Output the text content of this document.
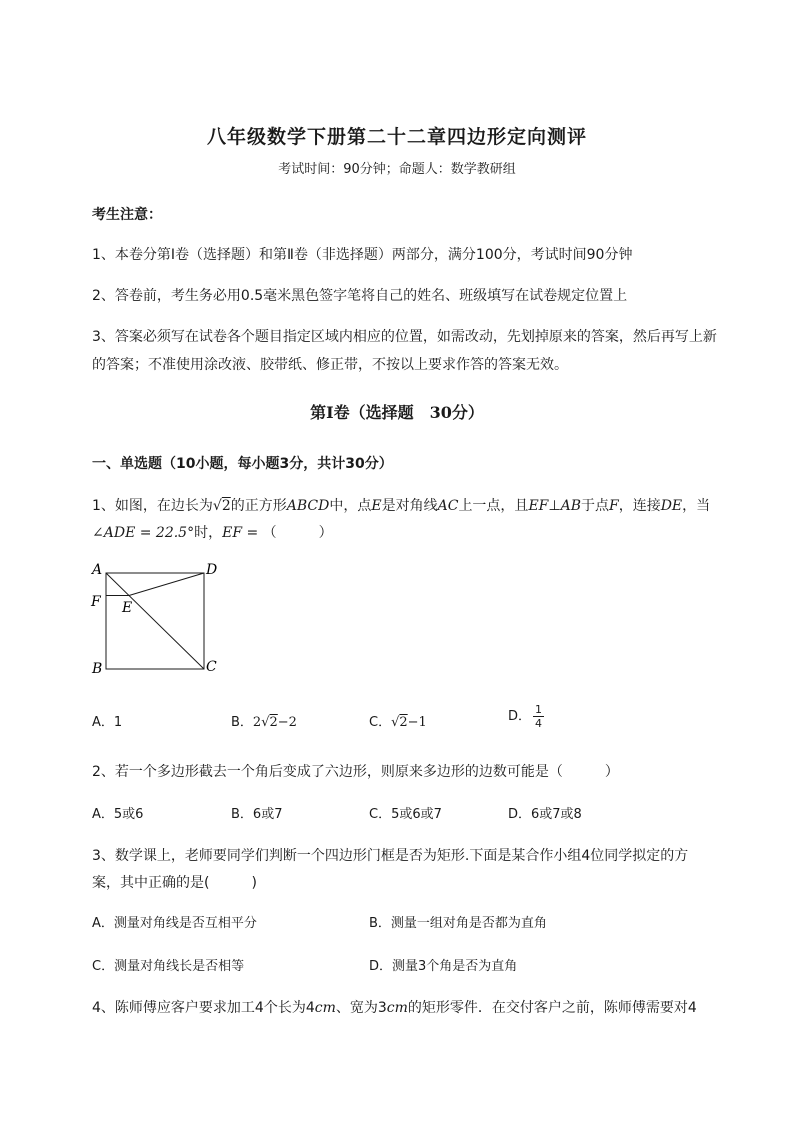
八年级数学下册第二十二章四边形定向测评
考试时间：90分钟；命题人：数学教研组
考生注意：
1、本卷分第I卷（选择题）和第Ⅱ卷（非选择题）两部分，满分100分，考试时间90分钟
2、答卷前，考生务必用0.5毫米黑色签字笔将自己的姓名、班级填写在试卷规定位置上
3、答案必须写在试卷各个题目指定区域内相应的位置，如需改动，先划掉原来的答案，然后再写上新
的答案；不准使用涂改液、胶带纸、修正带，不按以上要求作答的答案无效。
第I卷（选择题　30分）
一、单选题（10小题，每小题3分，共计30分）
1、如图，在边长为√2的正方形ABCD中，点E是对角线AC上一点，且EF⊥AB于点F，连接DE，当
∠ADE = 22.5°时，EF = （　　　）
A	D
F E
B	C
A．1	B．2√2−2	C．√2−1	D． $\frac{1}{4}$
2、若一个多边形截去一个角后变成了六边形，则原来多边形的边数可能是（　　　）
A．5或6	B．6或7	C．5或6或7	D．6或7或8
3、数学课上，老师要同学们判断一个四边形门框是否为矩形.下面是某合作小组4位同学拟定的方
案，其中正确的是(　　　)
A．测量对角线是否互相平分	B．测量一组对角是否都为直角
C．测量对角线长是否相等	D．测量3个角是否为直角
4、陈师傅应客户要求加工4个长为4cm、宽为3cm的矩形零件．在交付客户之前，陈师傅需要对4
